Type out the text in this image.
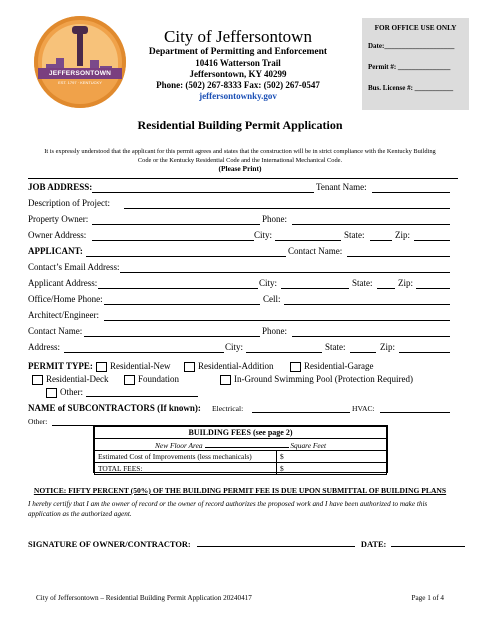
JEFFERSONTOWN
EST. 1797 · KENTUCKY
City of Jeffersontown
Department of Permitting and Enforcement
10416 Watterson Trail
Jeffersontown, KY 40299
Phone: (502) 267-8333 Fax: (502) 267-0547
jeffersontownky.gov
FOR OFFICE USE ONLY
Date:____________________
Permit #: _______________
Bus. License #: ___________
Residential Building Permit Application
It is expressly understood that the applicant for this permit agrees and states that the construction will be in strict compliance with the Kentucky Building Code or the Kentucky Residential Code and the International Mechanical Code.
(Please Print)
JOB ADDRESS:	Tenant Name:
Description of Project:
Property Owner:	Phone:
Owner Address:	City:	State:	Zip:
APPLICANT:	Contact Name:
Contact’s Email Address:
Applicant Address:	City:	State:	Zip:
Office/Home Phone:	Cell:
Architect/Engineer:
Contact Name:	Phone:
Address:	City:	State:	Zip:
PERMIT TYPE: Residential-New	Residential-Addition	Residential-Garage
Residential-Deck	Foundation	In-Ground Swimming Pool (Protection Required)
Other:
NAME of SUBCONTRACTORS (If known): Electrical:	HVAC:
Other:
BUILDING FEES (see page 2)	
New Floor Area Square Feet	
Estimated Cost of Improvements (less mechanicals)	$
TOTAL FEES:	$
NOTICE: FIFTY PERCENT (50%) OF THE BUILDING PERMIT FEE IS DUE UPON SUBMITTAL OF BUILDING PLANS
I hereby certify that I am the owner of record or the owner of record authorizes the proposed work and I have been authorized to make this application as the authorized agent.
SIGNATURE OF OWNER/CONTRACTOR:	DATE:
City of Jeffersontown – Residential Building Permit Application 20240417	Page 1 of 4
